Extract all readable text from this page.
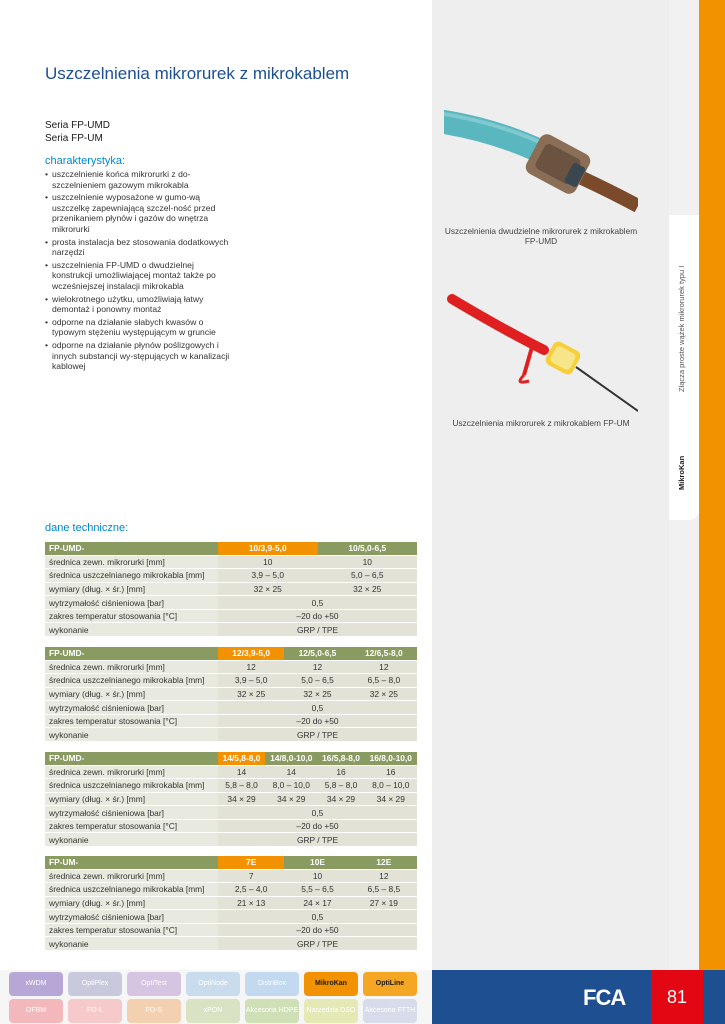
Uszczelnienia mikrorurek z mikrokablem
Seria FP-UMD
Seria FP-UM
charakterystyka:
• uszczelnienie końca mikrorurki z do-szczelnieniem gazowym mikrokabla
• uszczelnienie wyposażone w gumo-wą uszczelkę zapewniającą szczel-ność przed przenikaniem płynów i gazów do wnętrza mikrorurki
• prosta instalacja bez stosowania dodatkowych narzędzi
• uszczelnienia FP-UMD o dwudzielnej konstrukcji umożliwiającej montaż także po wcześniejszej instalacji mikrokabla
• wielokrotnego użytku, umożliwiają łatwy demontaż i ponowny montaż
• odporne na działanie słabych kwasów o typowym stężeniu występującym w gruncie
• odporne na działanie płynów poślizgowych i innych substancji wy-stępujących w kanalizacji kablowej
Uszczelnienia dwudzielne mikrorurek z mikrokablem FP-UMD
Uszczelnienia mikrorurek z mikrokablem FP-UM
Złącza proste wążek mikrorurek typu I
MikroKan
dane techniczne:
FP-UMD-	10/3,9-5,0	10/5,0-6,5
średnica zewn. mikrorurki [mm]	10	10
średnica uszczelnianego mikrokabla [mm]	3,9 – 5,0	5,0 – 6,5
wymiary (dług. × śr.) [mm]	32 × 25	32 × 25
wytrzymałość ciśnieniowa [bar]	0,5	
zakres temperatur stosowania [°C]	–20 do +50	
wykonanie	GRP / TPE	
FP-UMD-	12/3,9-5,0	12/5,0-6,5	12/6,5-8,0
średnica zewn. mikrorurki [mm]	12	12	12
średnica uszczelnianego mikrokabla [mm]	3,9 – 5,0	5,0 – 6,5	6,5 – 8,0
wymiary (dług. × śr.) [mm]	32 × 25	32 × 25	32 × 25
wytrzymałość ciśnieniowa [bar]	0,5		
zakres temperatur stosowania [°C]	–20 do +50		
wykonanie	GRP / TPE		
FP-UMD-	14/5,8-8,0	14/8,0-10,0	16/5,8-8,0	16/8,0-10,0
średnica zewn. mikrorurki [mm]	14	14	16	16
średnica uszczelnianego mikrokabla [mm]	5,8 – 8,0	8,0 – 10,0	5,8 – 8,0	8,0 – 10,0
wymiary (dług. × śr.) [mm]	34 × 29	34 × 29	34 × 29	34 × 29
wytrzymałość ciśnieniowa [bar]	0,5			
zakres temperatur stosowania [°C]	–20 do +50			
wykonanie	GRP / TPE			
FP-UM-	7E	10E	12E
średnica zewn. mikrorurki [mm]	7	10	12
średnica uszczelnianego mikrokabla [mm]	2,5 – 4,0	5,5 – 6,5	6,5 – 8,5
wymiary (dług. × śr.) [mm]	21 × 13	24 × 17	27 × 19
wytrzymałość ciśnieniowa [bar]	0,5		
zakres temperatur stosowania [°C]	–20 do +50		
wykonanie	GRP / TPE		
xWDM	OptiPlex	OptiTest	OptiNode	DistriBox	MikroKan	OptiLine
OFBM	FO-L	FO-S	xPON	Akcesoria HDPE	Narzędzia DSO	Akcesoria FTTH
FCA	81
